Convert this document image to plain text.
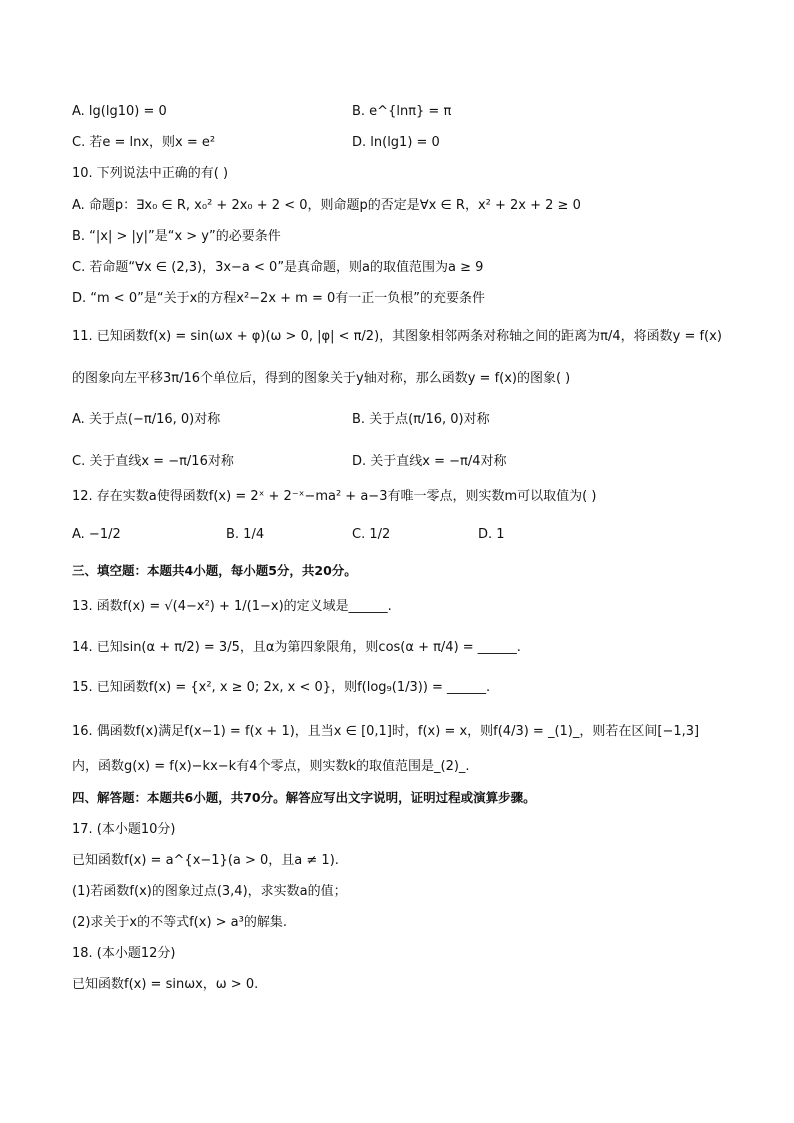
A. lg(lg10) = 0	B. e^{lnπ} = π
C. 若e = lnx，则x = e²	D. ln(lg1) = 0
10. 下列说法中正确的有( )
A. 命题p：∃x₀ ∈ R, x₀² + 2x₀ + 2 < 0，则命题p的否定是∀x ∈ R，x² + 2x + 2 ≥ 0
B. “|x| > |y|”是“x > y”的必要条件
C. 若命题“∀x ∈ (2,3)，3x−a < 0”是真命题，则a的取值范围为a ≥ 9
D. “m < 0”是“关于x的方程x²−2x + m = 0有一正一负根”的充要条件
11. 已知函数f(x) = sin(ωx + φ)(ω > 0, |φ| < π/2)，其图象相邻两条对称轴之间的距离为π/4，将函数y = f(x)
的图象向左平移3π/16个单位后，得到的图象关于y轴对称，那么函数y = f(x)的图象( )
A. 关于点(−π/16, 0)对称	B. 关于点(π/16, 0)对称
C. 关于直线x = −π/16对称	D. 关于直线x = −π/4对称
12. 存在实数a使得函数f(x) = 2ˣ + 2⁻ˣ−ma² + a−3有唯一零点，则实数m可以取值为( )
A. −1/2	B. 1/4	C. 1/2	D. 1
三、填空题：本题共4小题，每小题5分，共20分。
13. 函数f(x) = √(4−x²) + 1/(1−x)的定义域是______.
14. 已知sin(α + π/2) = 3/5，且α为第四象限角，则cos(α + π/4) = ______.
15. 已知函数f(x) = {x², x ≥ 0; 2x, x < 0}，则f(log₉(1/3)) = ______.
16. 偶函数f(x)满足f(x−1) = f(x + 1)，且当x ∈ [0,1]时，f(x) = x，则f(4/3) = _(1)_，则若在区间[−1,3]
内，函数g(x) = f(x)−kx−k有4个零点，则实数k的取值范围是_(2)_.
四、解答题：本题共6小题，共70分。解答应写出文字说明，证明过程或演算步骤。
17. (本小题10分)
已知函数f(x) = a^{x−1}(a > 0，且a ≠ 1).
(1)若函数f(x)的图象过点(3,4)，求实数a的值；
(2)求关于x的不等式f(x) > a³的解集.
18. (本小题12分)
已知函数f(x) = sinωx，ω > 0.
